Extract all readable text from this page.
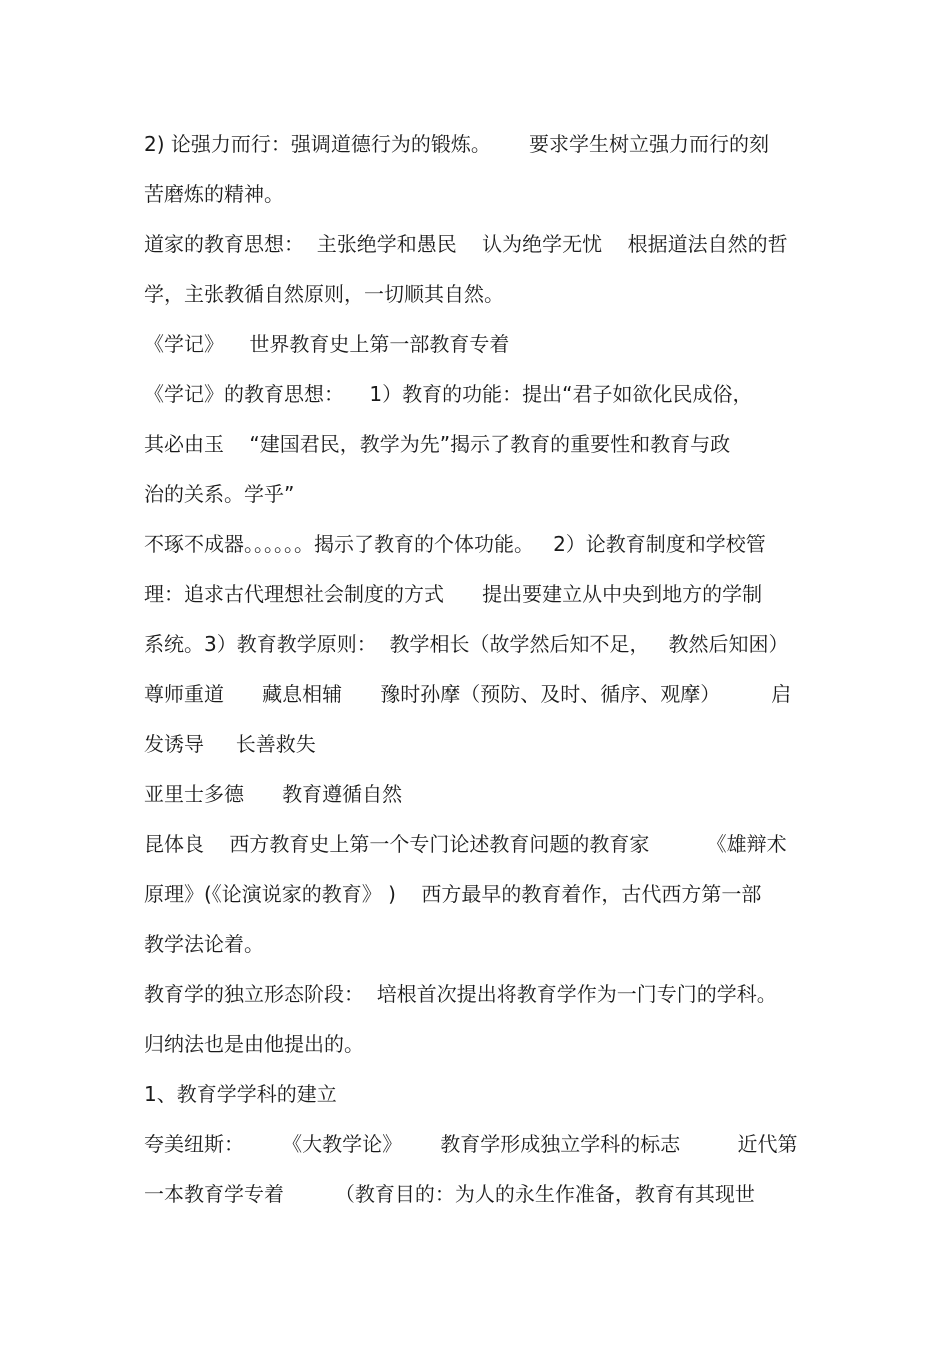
2) 论强力而行：强调道德行为的锻炼。      要求学生树立强力而行的刻
苦磨炼的精神。
道家的教育思想：  主张绝学和愚民    认为绝学无忧    根据道法自然的哲
学，主张教循自然原则，一切顺其自然。
《学记》    世界教育史上第一部教育专着
《学记》的教育思想：    1）教育的功能：提出“君子如欲化民成俗，
其必由玉    “建国君民，教学为先”揭示了教育的重要性和教育与政
治的关系。学乎”
不琢不成器。。。。。。揭示了教育的个体功能。   2）论教育制度和学校管
理：追求古代理想社会制度的方式      提出要建立从中央到地方的学制
系统。3）教育教学原则：  教学相长（故学然后知不足，   教然后知困）
尊师重道      藏息相辅      豫时孙摩（预防、及时、循序、观摩）        启
发诱导     长善救失
亚里士多德      教育遵循自然
昆体良    西方教育史上第一个专门论述教育问题的教育家         《雄辩术
原理》(《论演说家的教育》 )    西方最早的教育着作，古代西方第一部
教学法论着。
教育学的独立形态阶段：  培根首次提出将教育学作为一门专门的学科。
归纳法也是由他提出的。
1、教育学学科的建立
夸美纽斯：      《大教学论》      教育学形成独立学科的标志         近代第
一本教育学专着        （教育目的：为人的永生作准备，教育有其现世
